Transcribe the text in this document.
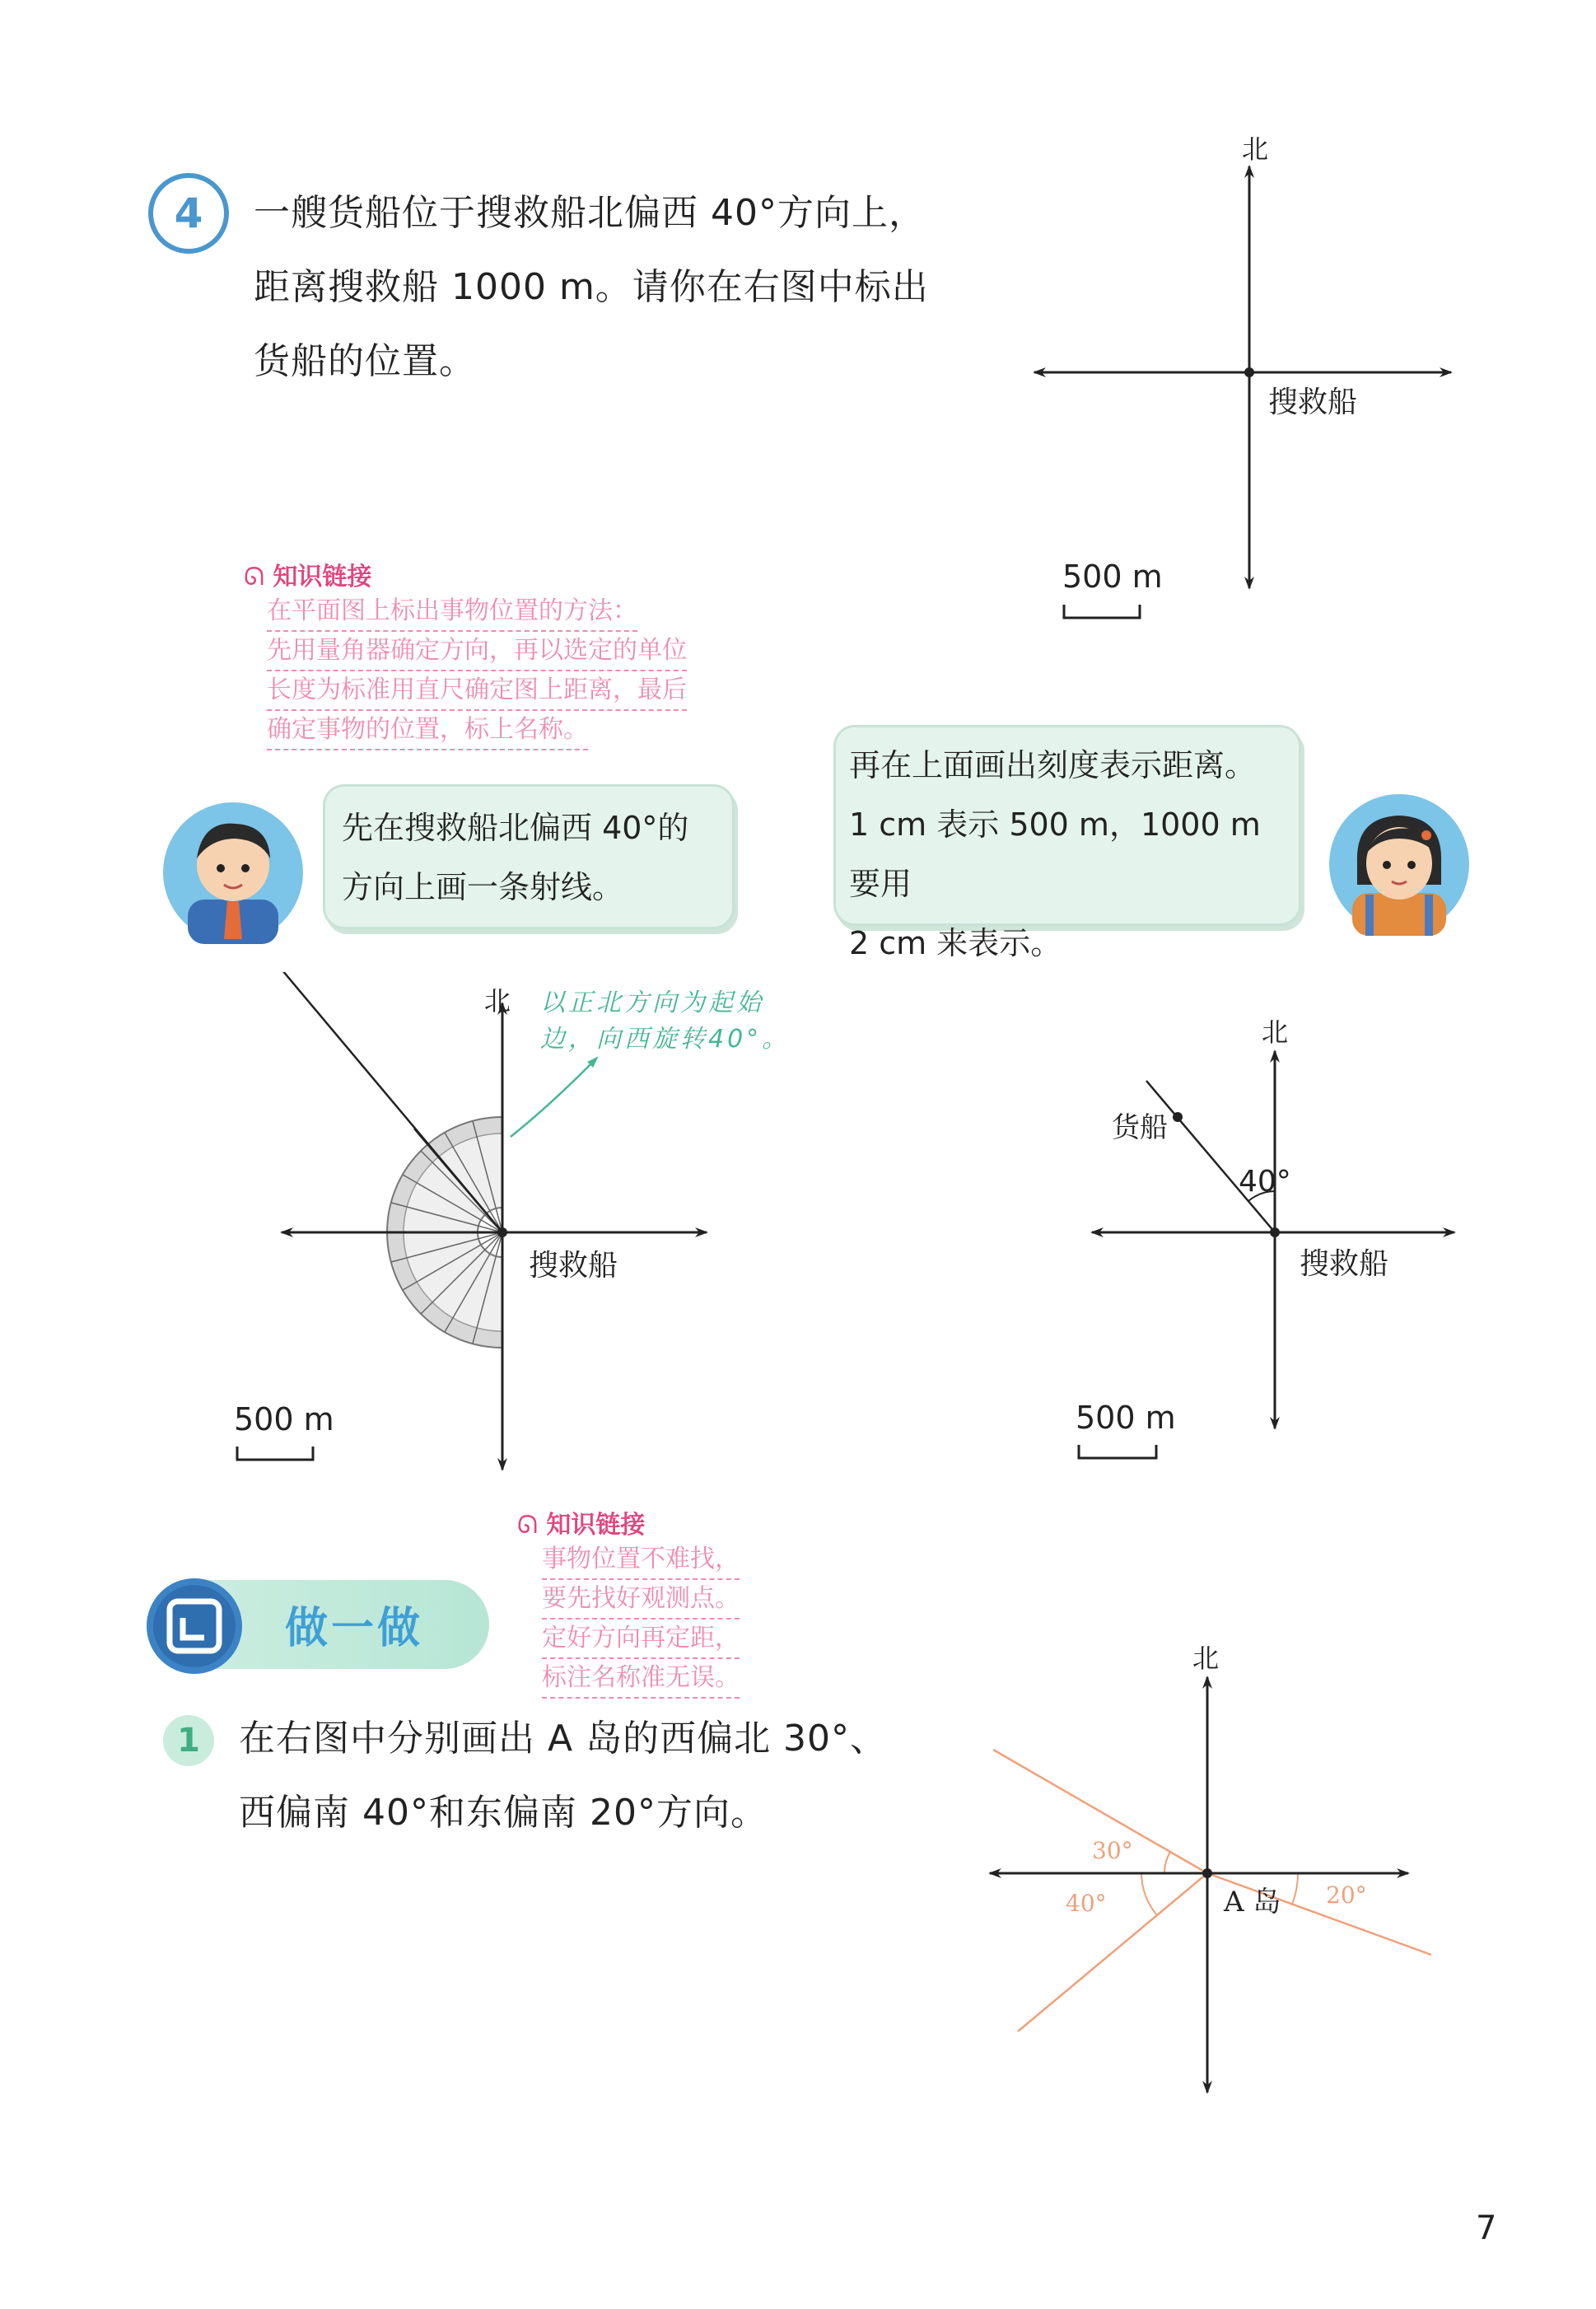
4 一艘货船位于搜救船北偏西 40°方向上，
距离搜救船 1000 m。请你在右图中标出
货船的位置。
北
搜救船
500 m
ᘏ 知识链接
在平面图上标出事物位置的方法：
先用量角器确定方向，再以选定的单位
长度为标准用直尺确定图上距离，最后
确定事物的位置，标上名称。
先在搜救船北偏西 40°的
方向上画一条射线。
再在上面画出刻度表示距离。
1 cm 表示 500 m，1000 m 要用
2 cm 来表示。
北
搜救船
500 m
以正北方向为起始
边，向西旋转40°。	北
货船
40°
搜救船
500 m
做一做
ᘏ 知识链接
事物位置不难找，
要先找好观测点。
定好方向再定距，
标注名称准无误。
1 在右图中分别画出 A 岛的西偏北 30°、
西偏南 40°和东偏南 20°方向。
北
A 岛
30°
40°	20°
7
